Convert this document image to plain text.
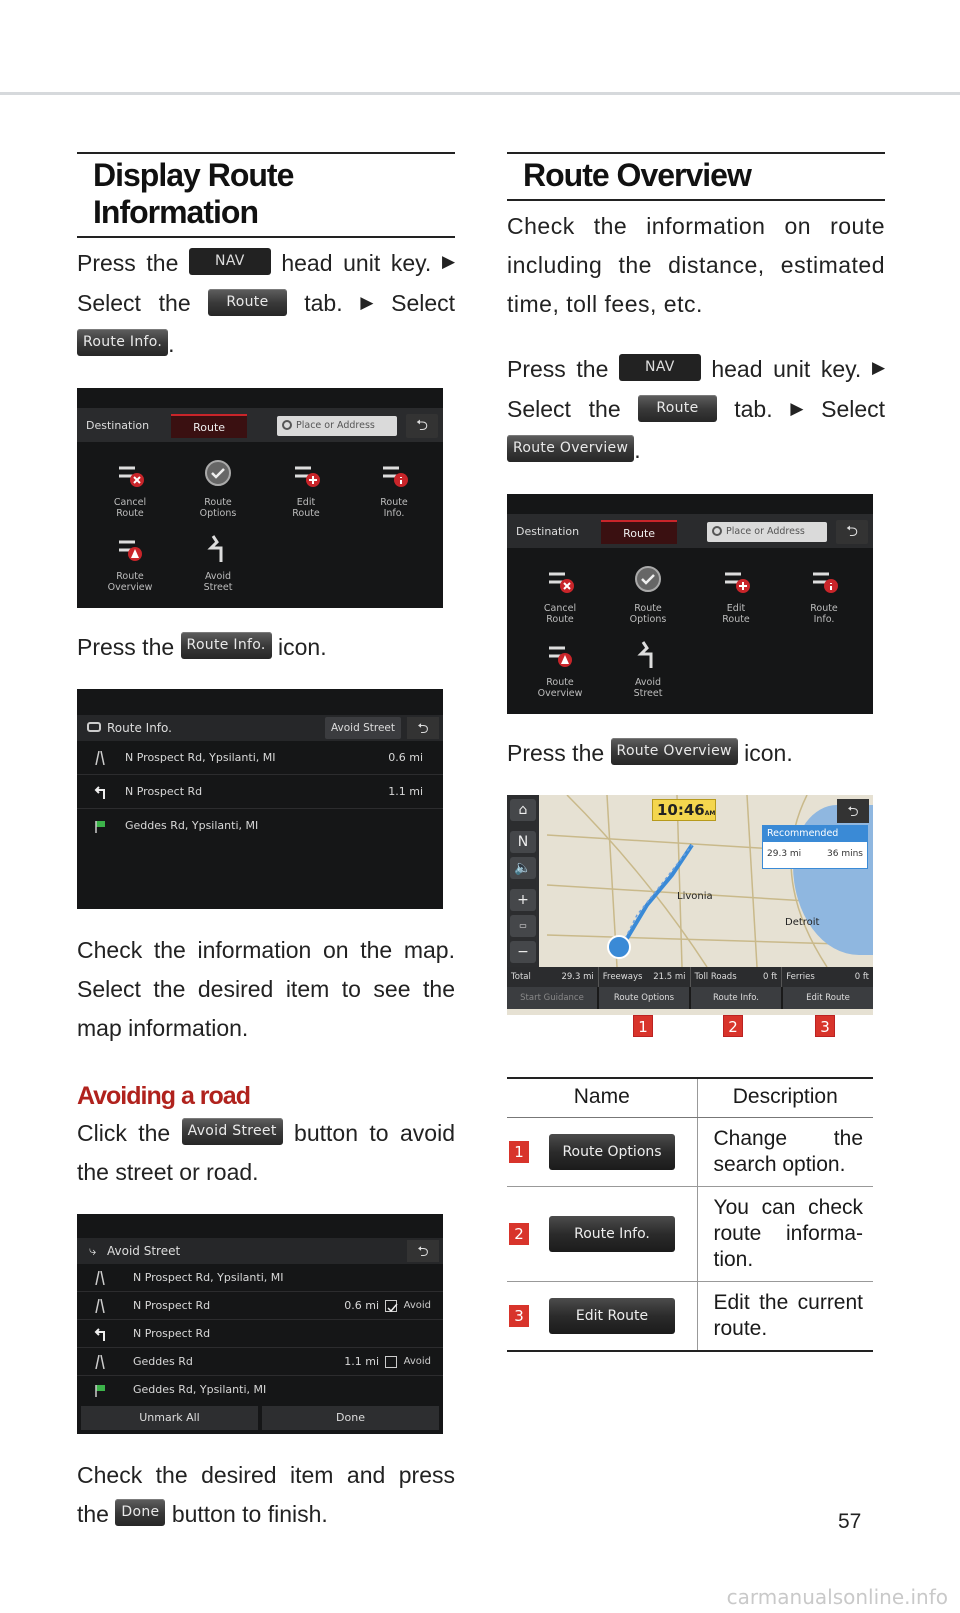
Display Route Information
Press the	NAV head unit key. ▶
Select the	Route tab. ▶ Select
Route Info. .
Destination	Route	Place or Address	⮌
Cancel
Route
Route
Options
Edit
Route
Route
Info.
Route
Overview
Avoid
Street
Press the Route Info. icon.
Route Info.	Avoid Street	⮌
N Prospect Rd, Ypsilanti, MI	0.6 mi
N Prospect Rd	1.1 mi
Geddes Rd, Ypsilanti, MI
Check the information on the map. Select the desired item to see the map information.
Avoiding a road
Click the Avoid Street button to avoid
the street or road.
Avoid Street
⤷	⮌
N Prospect Rd, Ypsilanti, MI
N Prospect Rd	0.6 mi Avoid
N Prospect Rd
Geddes Rd	1.1 mi Avoid
Geddes Rd, Ypsilanti, MI
Unmark All	Done
Check the desired item and press
the Done button to finish.
Route Overview
Check the information on route including the distance, estimated time, toll fees, etc.
Press the	NAV head unit key. ▶
Select the	Route tab. ▶ Select
Route Overview .
Destination	Route	Place or Address	⮌
Cancel
Route
Route
Options
Edit
Route
Route
Info.
Route
Overview
Avoid
Street
Press the Route Overview icon.
⌂
N
🔈
+
▭
−
10:46AM	⮌
Recommended
29.3 mi	36 mins
Livonia
Detroit
Total	29.3 mi Freeways 21.5 mi Toll Roads	0 ft Ferries	0 ft
Start Guidance	Route Options	Route Info.	Edit Route
1	2	3
Name	Description

1 Route Options	Change the search option.

2 Route Info.	You can check route informa-tion.

3 Edit Route	Edit the current route.
57
carmanualsonline.info
